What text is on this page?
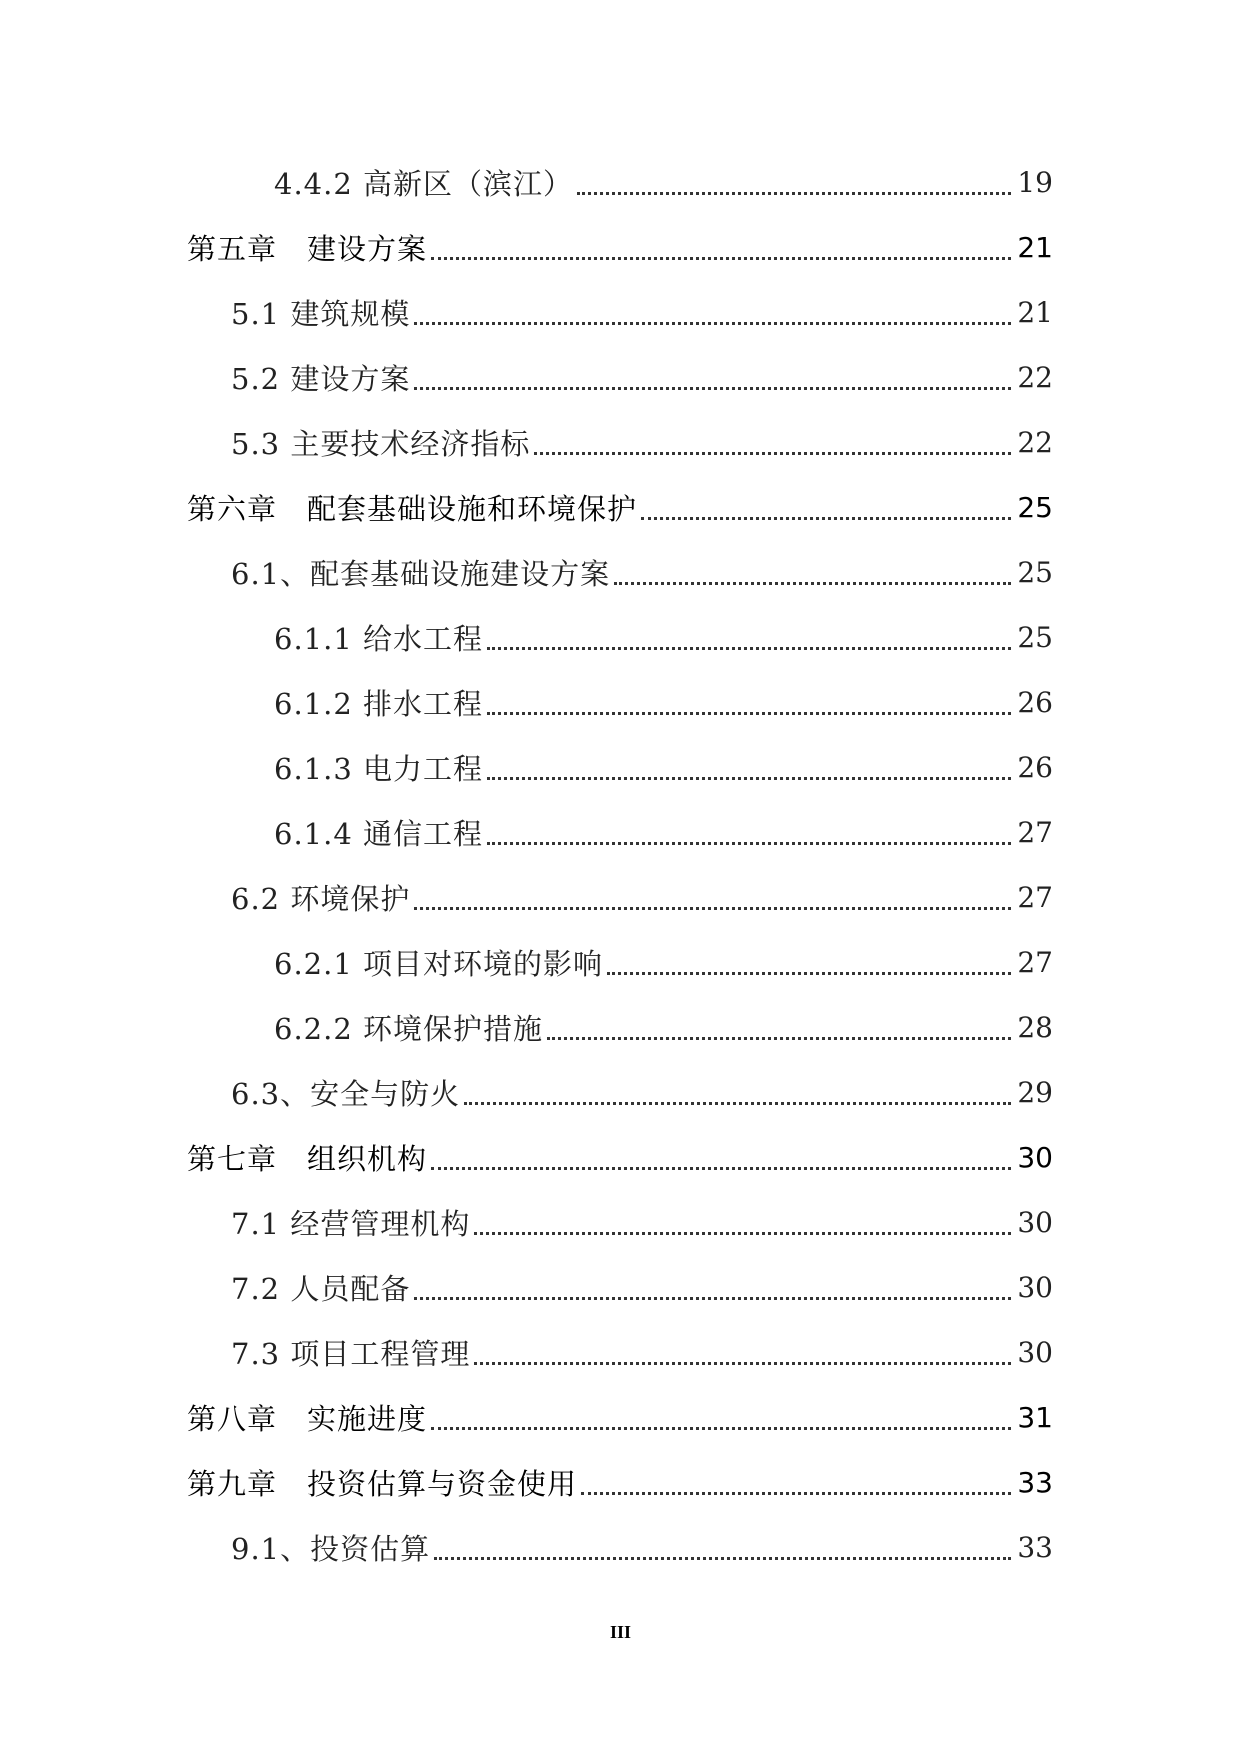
4.4.2 高新区（滨江）	19
第五章　建设方案	21
5.1 建筑规模	21
5.2 建设方案	22
5.3 主要技术经济指标	22
第六章　配套基础设施和环境保护	25
6.1、配套基础设施建设方案	25
6.1.1 给水工程	25
6.1.2 排水工程	26
6.1.3 电力工程	26
6.1.4 通信工程	27
6.2 环境保护	27
6.2.1 项目对环境的影响	27
6.2.2 环境保护措施	28
6.3、安全与防火	29
第七章　组织机构	30
7.1 经营管理机构	30
7.2 人员配备	30
7.3 项目工程管理	30
第八章　实施进度	31
第九章　投资估算与资金使用	33
9.1、投资估算	33
III
